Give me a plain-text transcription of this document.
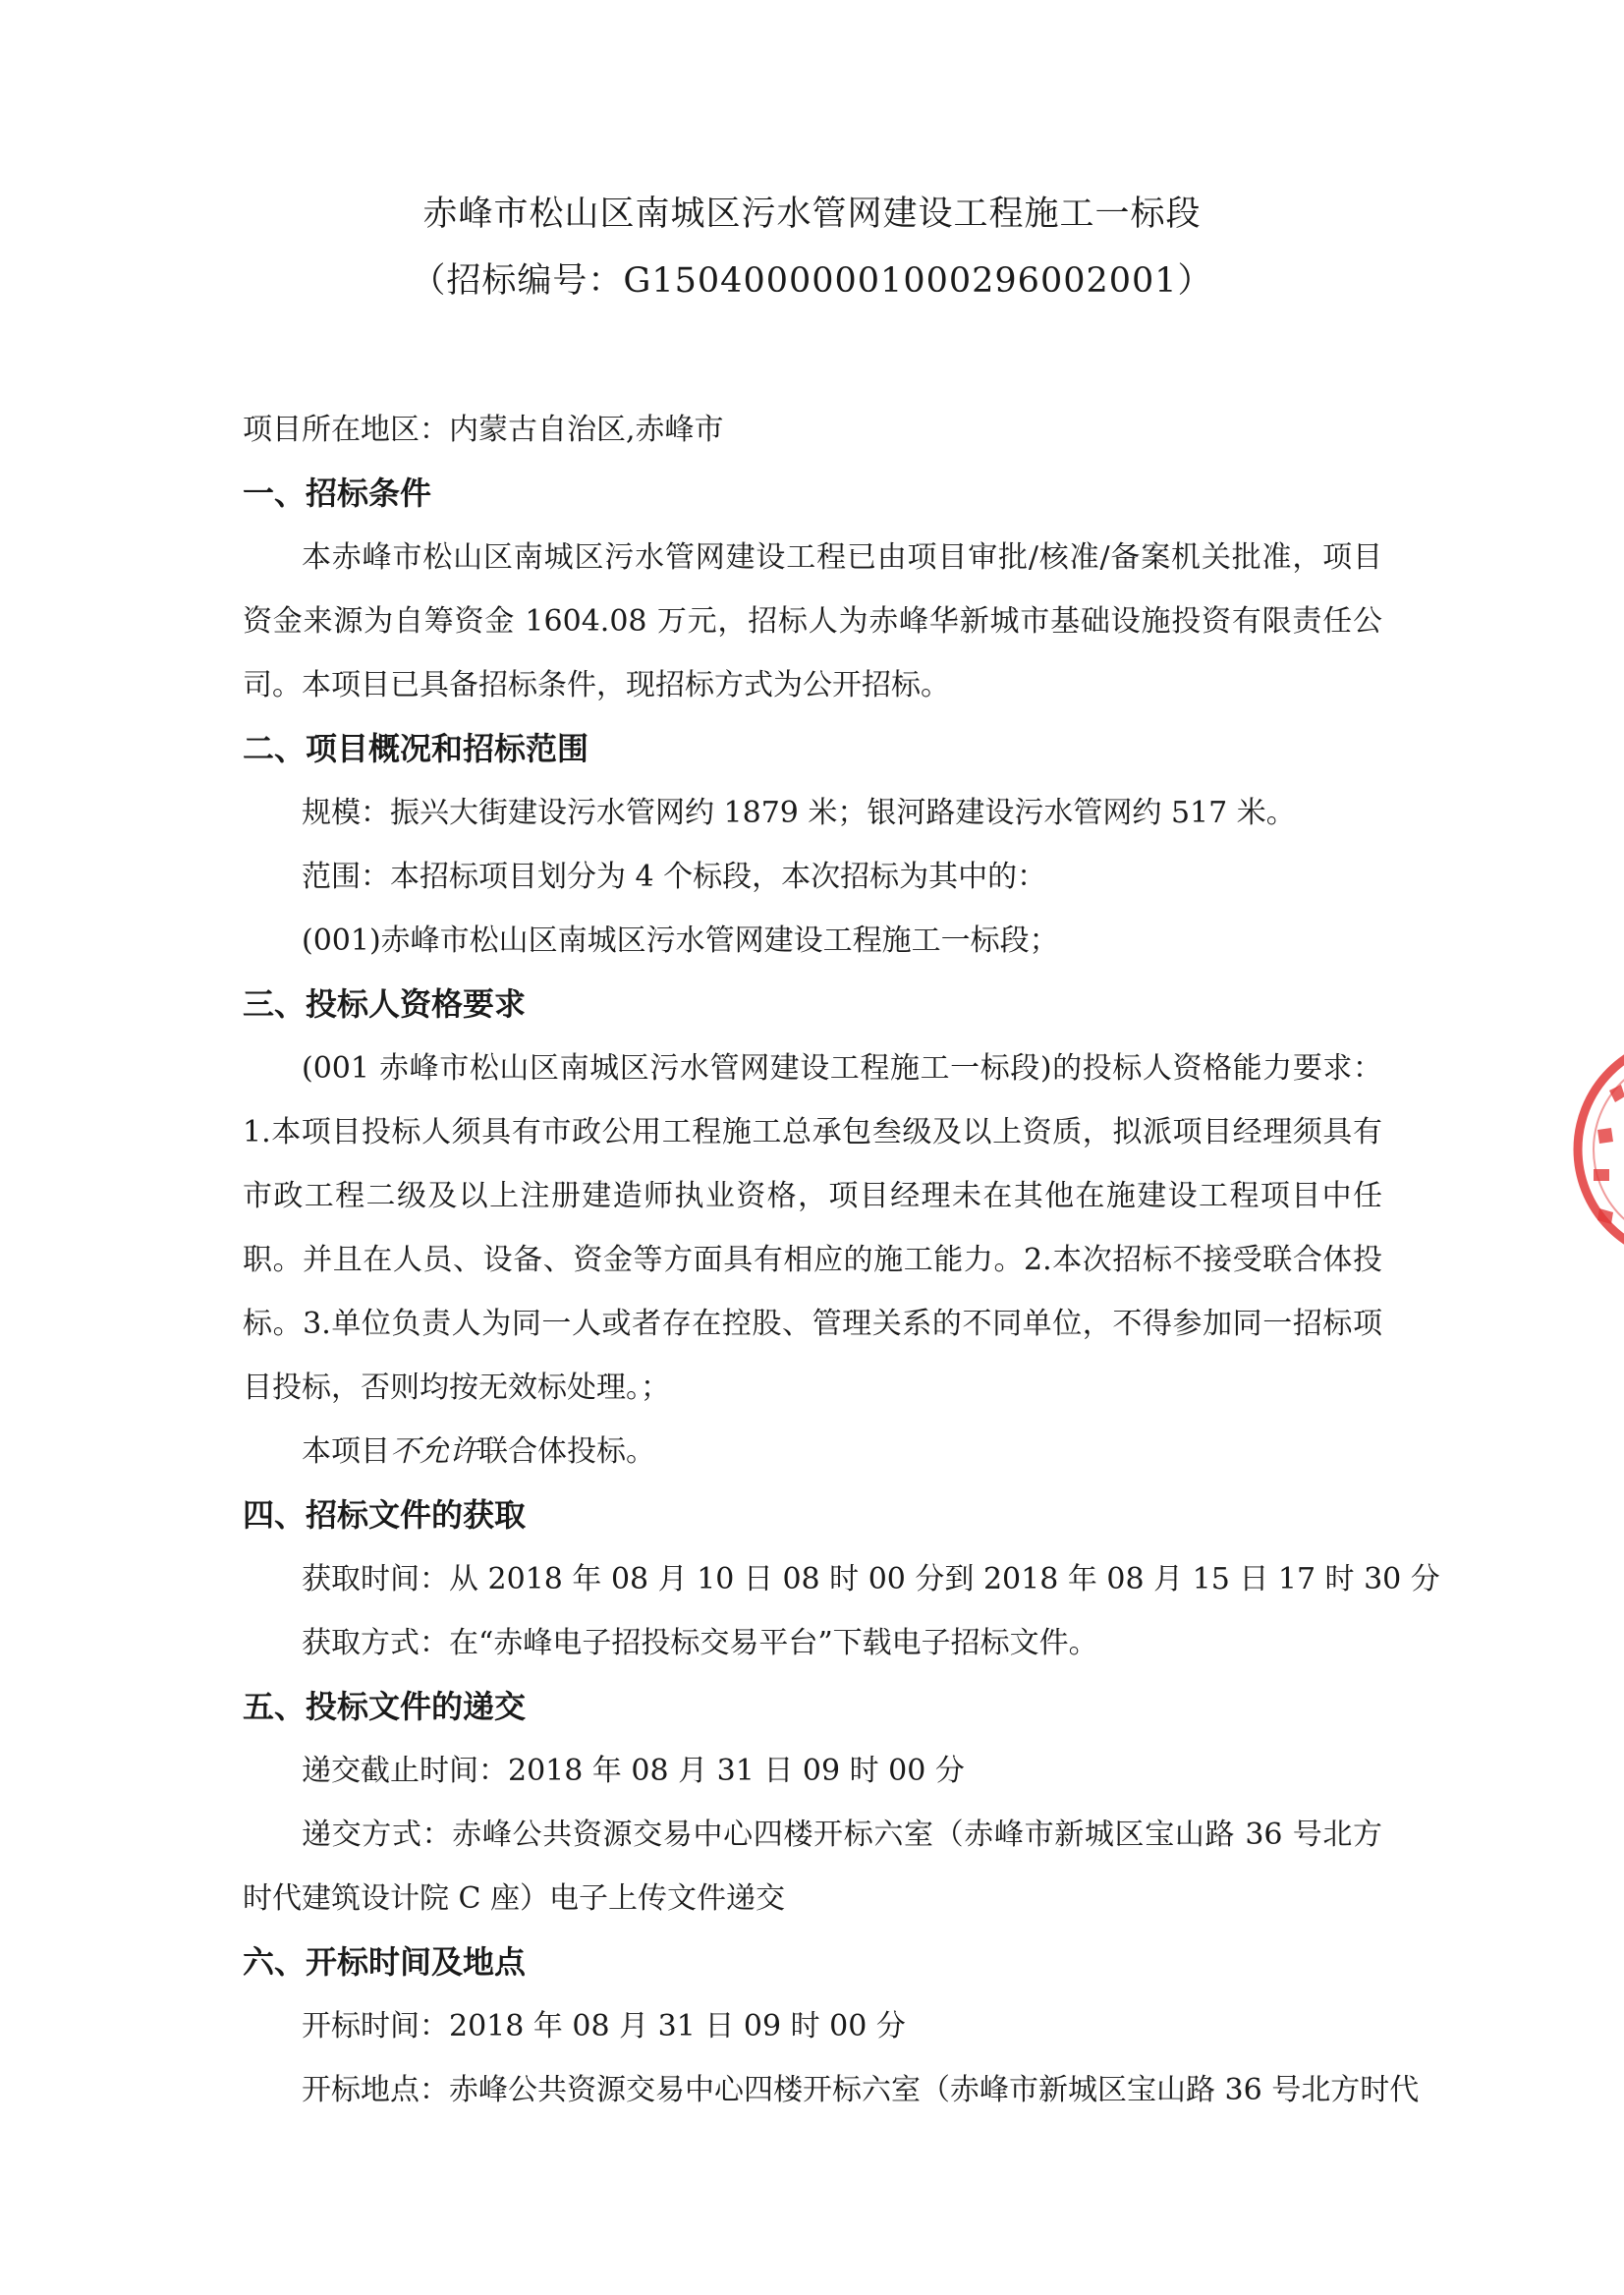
赤峰市松山区南城区污水管网建设工程施工一标段
（招标编号：G15040000001000296002001）
项目所在地区：内蒙古自治区,赤峰市
一、招标条件
本赤峰市松山区南城区污水管网建设工程已由项目审批/核准/备案机关批准，项目资金来源为自筹资金 1604.08 万元，招标人为赤峰华新城市基础设施投资有限责任公司。本项目已具备招标条件，现招标方式为公开招标。
二、项目概况和招标范围
规模：振兴大街建设污水管网约 1879 米；银河路建设污水管网约 517 米。
范围：本招标项目划分为 4 个标段，本次招标为其中的：
(001)赤峰市松山区南城区污水管网建设工程施工一标段；
三、投标人资格要求
(001 赤峰市松山区南城区污水管网建设工程施工一标段)的投标人资格能力要求：1.本项目投标人须具有市政公用工程施工总承包叁级及以上资质，拟派项目经理须具有市政工程二级及以上注册建造师执业资格，项目经理未在其他在施建设工程项目中任职。并且在人员、设备、资金等方面具有相应的施工能力。2.本次招标不接受联合体投标。3.单位负责人为同一人或者存在控股、管理关系的不同单位，不得参加同一招标项目投标，否则均按无效标处理。；
本项目不允许联合体投标。
四、招标文件的获取
获取时间：从 2018 年 08 月 10 日 08 时 00 分到 2018 年 08 月 15 日 17 时 30 分
获取方式：在“赤峰电子招投标交易平台”下载电子招标文件。
五、投标文件的递交
递交截止时间：2018 年 08 月 31 日 09 时 00 分
递交方式：赤峰公共资源交易中心四楼开标六室（赤峰市新城区宝山路 36 号北方时代建筑设计院 C 座）电子上传文件递交
六、开标时间及地点
开标时间：2018 年 08 月 31 日 09 时 00 分
开标地点：赤峰公共资源交易中心四楼开标六室（赤峰市新城区宝山路 36 号北方时代
